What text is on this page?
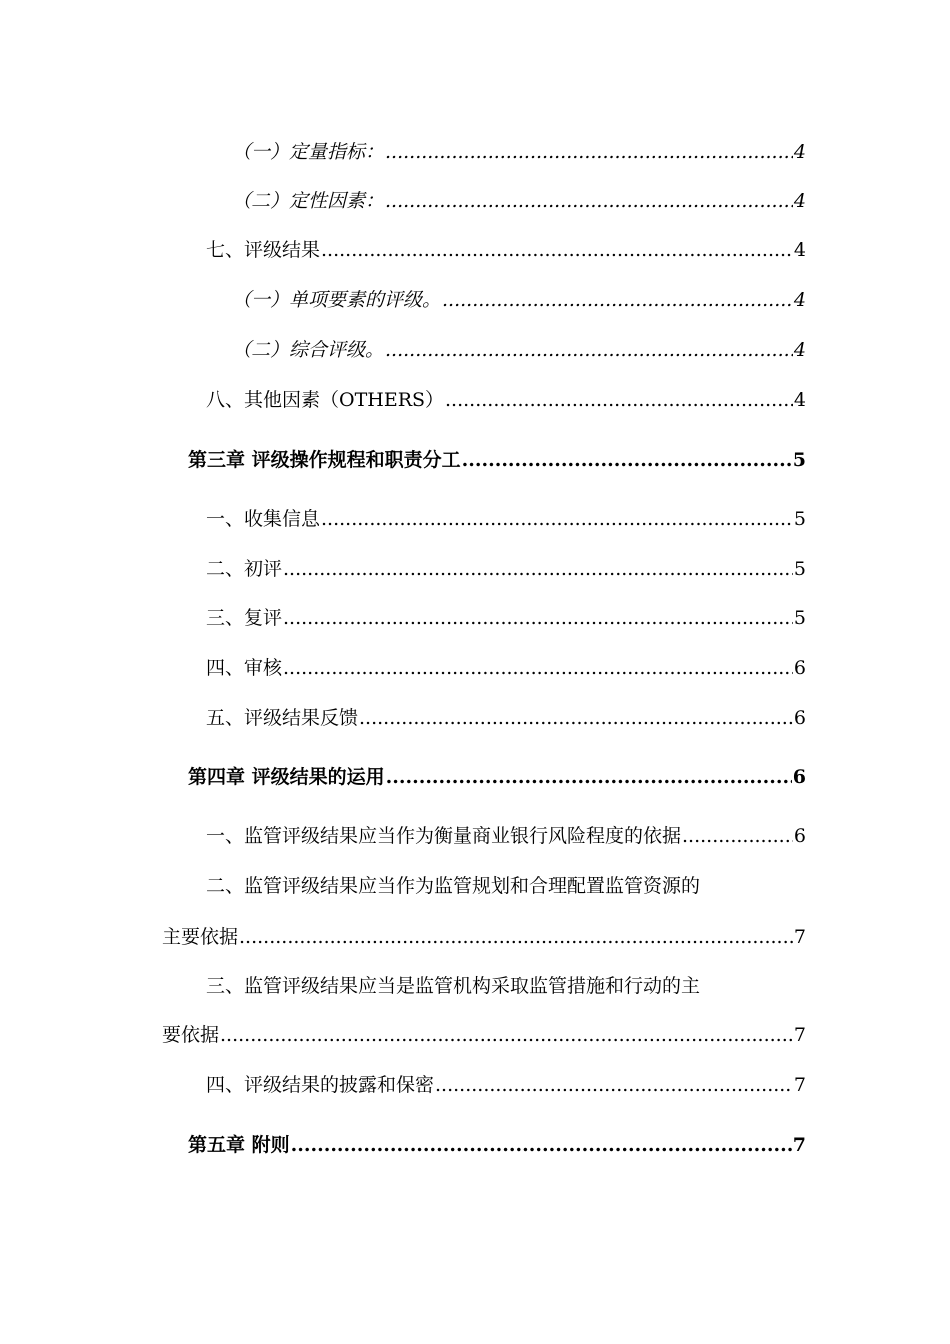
（一）定量指标： .....	4
（二）定性因素： .....	4
七、评级结果 .....	4
（一）单项要素的评级。 .....	4
（二）综合评级。 .....	4
八、其他因素（OTHERS） .....	4
第三章 评级操作规程和职责分工 .....	5
一、收集信息 .....	5
二、初评 .....	5
三、复评 .....	5
四、审核 .....	6
五、评级结果反馈 .....	6
第四章 评级结果的运用 .....	6
一、监管评级结果应当作为衡量商业银行风险程度的依据 .....	6
二、监管评级结果应当作为监管规划和合理配置监管资源的
主要依据 .....	7
三、监管评级结果应当是监管机构采取监管措施和行动的主
要依据 .....	7
四、评级结果的披露和保密 .....	7
第五章 附则 .....	7
